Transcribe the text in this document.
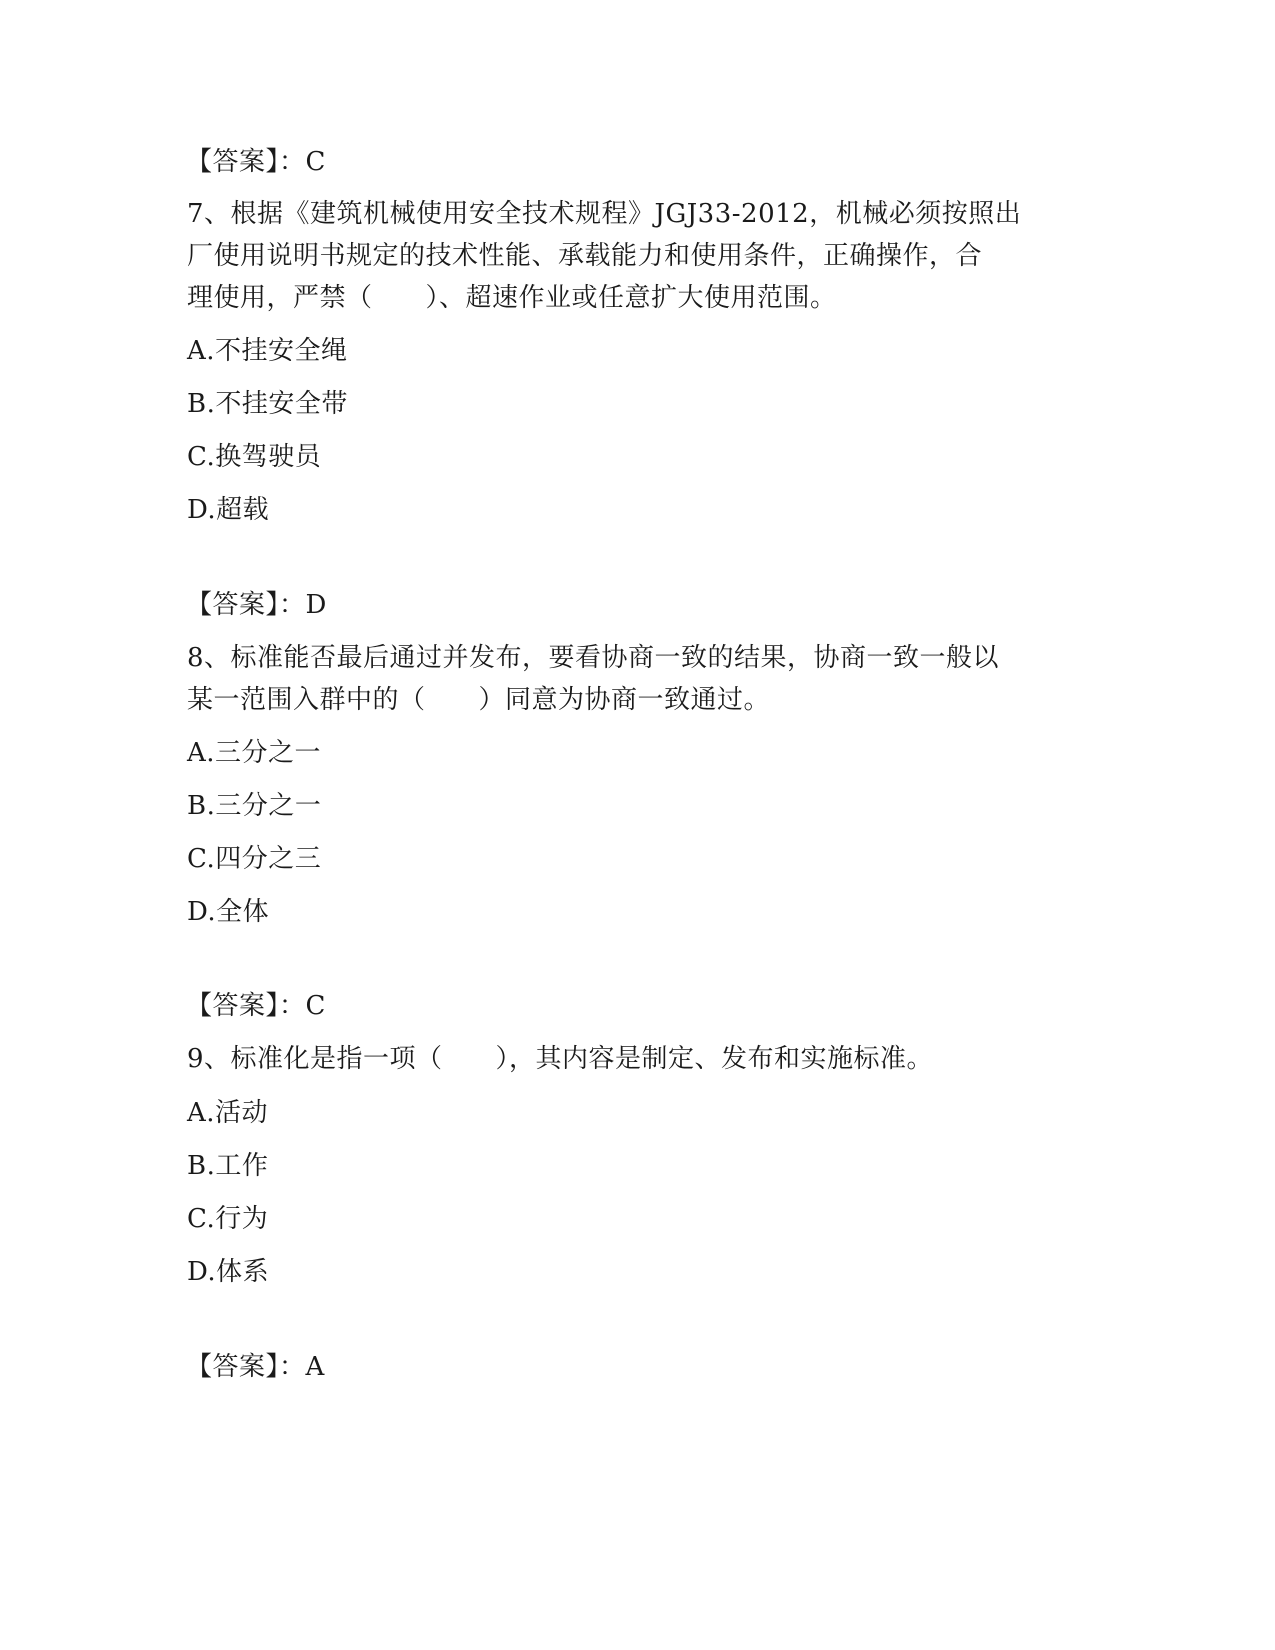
【答案】：C
7、根据《建筑机械使用安全技术规程》JGJ33-2012，机械必须按照出
厂使用说明书规定的技术性能、承载能力和使用条件，正确操作，合
理使用，严禁（　　）、超速作业或任意扩大使用范围。
A.不挂安全绳
B.不挂安全带
C.换驾驶员
D.超载
【答案】：D
8、标准能否最后通过并发布，要看协商一致的结果，协商一致一般以
某一范围入群中的（　　）同意为协商一致通过。
A.三分之一
B.三分之一
C.四分之三
D.全体
【答案】：C
9、标准化是指一项（　　），其内容是制定、发布和实施标准。
A.活动
B.工作
C.行为
D.体系
【答案】：A
